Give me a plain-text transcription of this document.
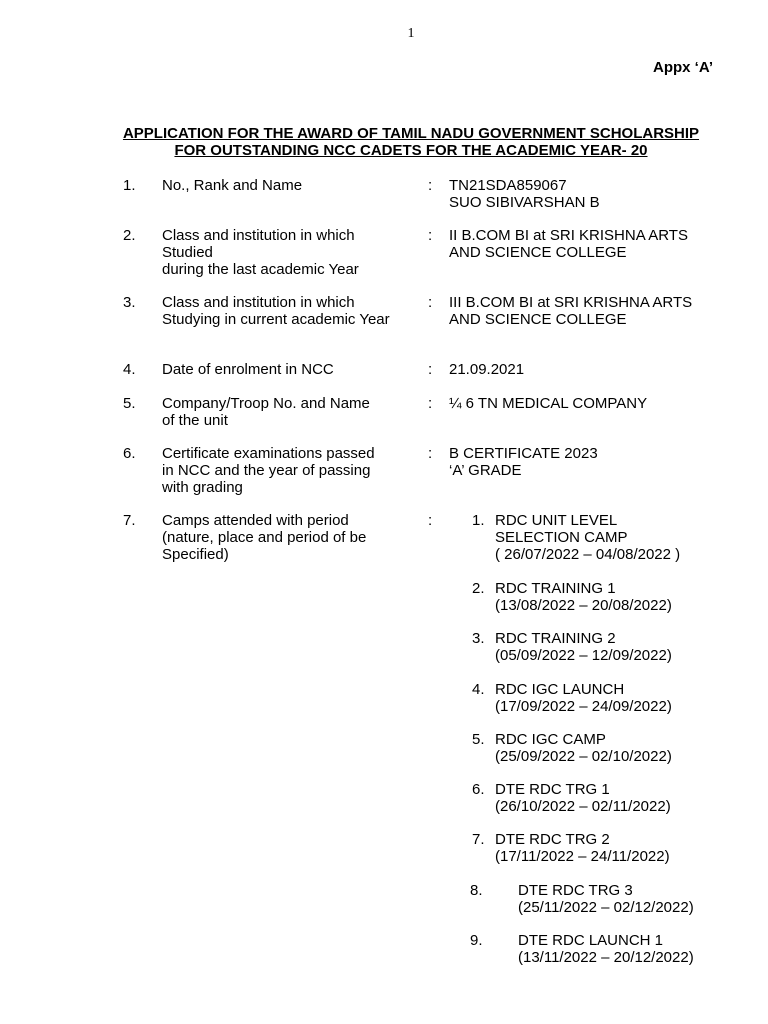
1
Appx ‘A’
APPLICATION FOR THE AWARD OF TAMIL NADU GOVERNMENT SCHOLARSHIP
FOR OUTSTANDING NCC CADETS FOR THE ACADEMIC YEAR- 20
1. No., Rank and Name	: TN21SDA859067
SUO SIBIVARSHAN B
2. Class and institution in which
Studied
during the last academic Year
: II B.COM BI at SRI KRISHNA ARTS
AND SCIENCE COLLEGE
3. Class and institution in which
Studying in current academic Year
: III B.COM BI at SRI KRISHNA ARTS
AND SCIENCE COLLEGE
4. Date of enrolment in NCC	: 21.09.2021
5. Company/Troop No. and Name
of the unit
: ¼ 6 TN MEDICAL COMPANY
6. Certificate examinations passed
in NCC and the year of passing
with grading
: B CERTIFICATE 2023
‘A’ GRADE
7. Camps attended with period
(nature, place and period of be
Specified)
:	1. RDC UNIT LEVEL
SELECTION CAMP
( 26/07/2022 – 04/08/2022 )
2. RDC TRAINING 1
(13/08/2022 – 20/08/2022)
3. RDC TRAINING 2
(05/09/2022 – 12/09/2022)
4. RDC IGC LAUNCH
(17/09/2022 – 24/09/2022)
5. RDC IGC CAMP
(25/09/2022 – 02/10/2022)
6. DTE RDC TRG 1
(26/10/2022 – 02/11/2022)
7. DTE RDC TRG 2
(17/11/2022 – 24/11/2022)
8. DTE RDC TRG 3
(25/11/2022 – 02/12/2022)
9. DTE RDC LAUNCH 1
(13/11/2022 – 20/12/2022)
